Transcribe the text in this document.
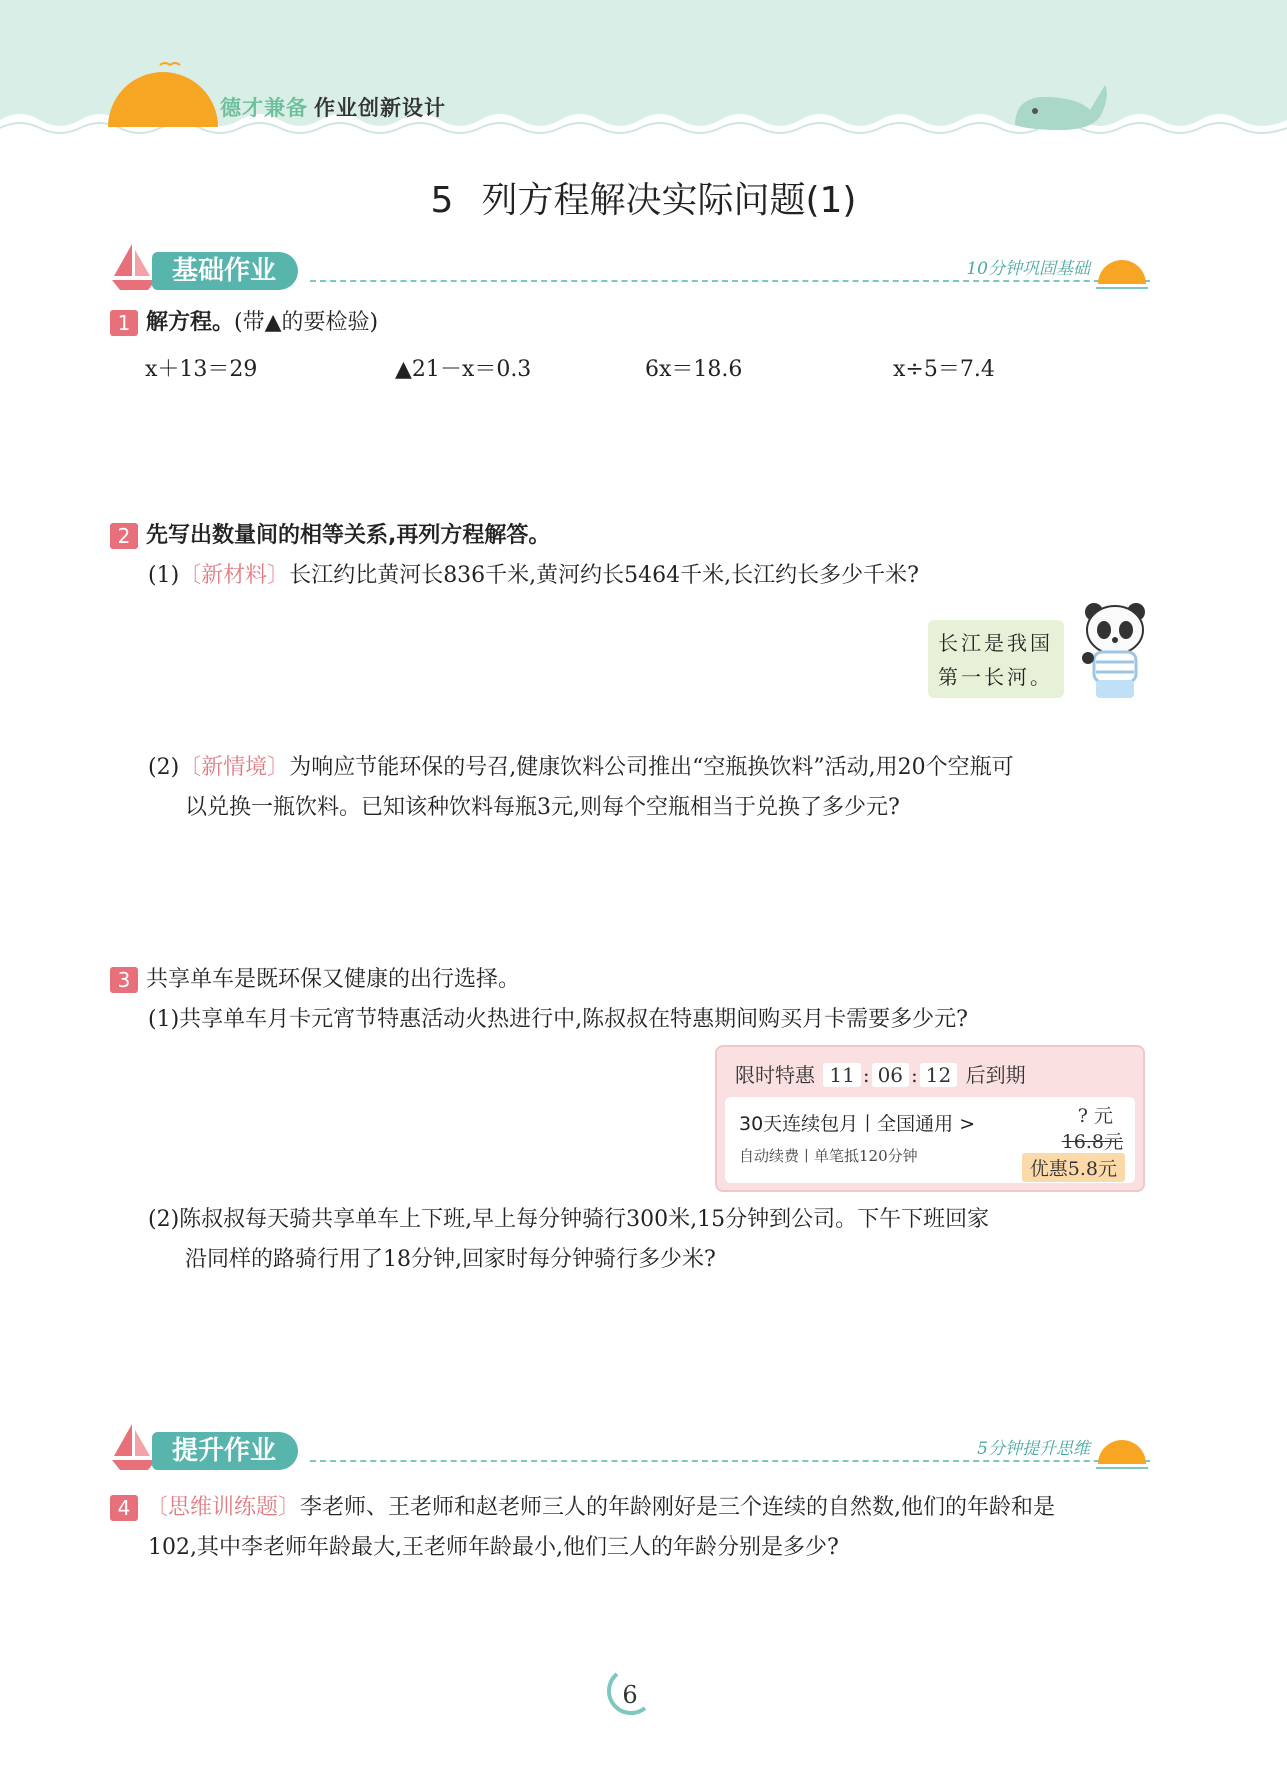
德才兼备 作业创新设计
5 列方程解决实际问题(1)
基础作业	10分钟巩固基础
1 解方程。(带▲的要检验)
x＋13＝29	▲21－x＝0.3	6x＝18.6	x÷5＝7.4
2 先写出数量间的相等关系,再列方程解答。
(1)〔新材料〕长江约比黄河长836千米,黄河约长5464千米,长江约长多少千米?
长江是我国
第一长河。
(2)〔新情境〕为响应节能环保的号召,健康饮料公司推出“空瓶换饮料”活动,用20个空瓶可
以兑换一瓶饮料。已知该种饮料每瓶3元,则每个空瓶相当于兑换了多少元?
3 共享单车是既环保又健康的出行选择。
(1)共享单车月卡元宵节特惠活动火热进行中,陈叔叔在特惠期间购买月卡需要多少元?
限时特惠 11 : 06 : 12 后到期
30天连续包月丨全国通用 >
自动续费丨单笔抵120分钟
? 元
16.8元
优惠5.8元
(2)陈叔叔每天骑共享单车上下班,早上每分钟骑行300米,15分钟到公司。下午下班回家
沿同样的路骑行用了18分钟,回家时每分钟骑行多少米?
提升作业	5分钟提升思维
4 〔思维训练题〕李老师、王老师和赵老师三人的年龄刚好是三个连续的自然数,他们的年龄和是
102,其中李老师年龄最大,王老师年龄最小,他们三人的年龄分别是多少?
6
